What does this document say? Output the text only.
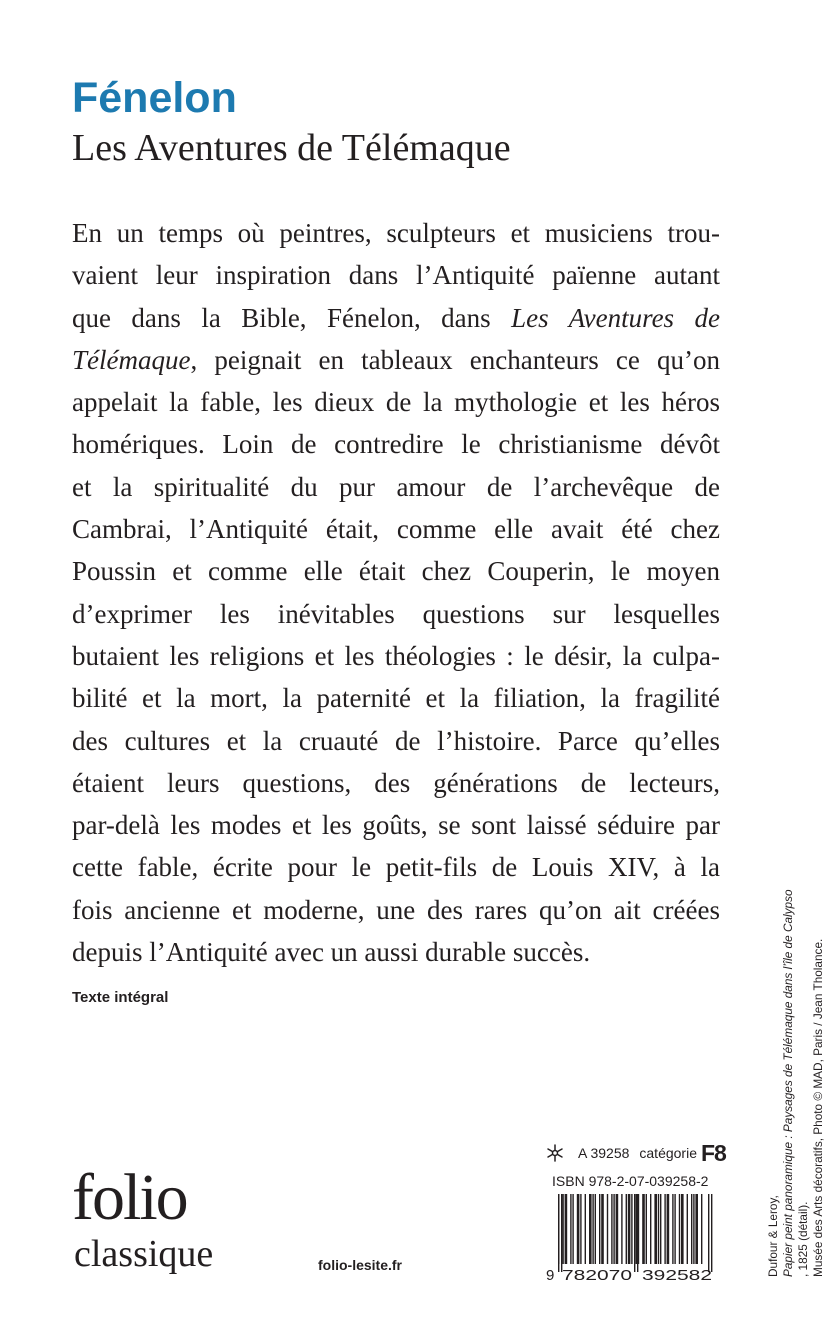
Fénelon
Les Aventures de Télémaque

En un temps où peintres, sculpteurs et musiciens trou-
vaient leur inspiration dans l’Antiquité païenne autant
que dans la Bible, Fénelon, dans Les Aventures de
Télémaque, peignait en tableaux enchanteurs ce qu’on
appelait la fable, les dieux de la mythologie et les héros
homériques. Loin de contredire le christianisme dévôt
et la spiritualité du pur amour de l’archevêque de
Cambrai, l’Antiquité était, comme elle avait été chez
Poussin et comme elle était chez Couperin, le moyen
d’exprimer les inévitables questions sur lesquelles
butaient les religions et les théologies : le désir, la culpa-
bilité et la mort, la paternité et la filiation, la fragilité
des cultures et la cruauté de l’histoire. Parce qu’elles
étaient leurs questions, des générations de lecteurs,
par-delà les modes et les goûts, se sont laissé séduire par
cette fable, écrite pour le petit-fils de Louis XIV, à la
fois ancienne et moderne, une des rares qu’on ait créées
depuis l’Antiquité avec un aussi durable succès.

Texte intégral

folio

classique	folio-lesite.fr

A 39258 catégorie F8

ISBN 978-2-07-039258-2

9 782070 392582	Dufour & Leroy, Papier peint panoramique : Paysages de Télémaque dans l’île de Calypso , 1825 (détail). Musée des Arts décoratifs, Photo © MAD, Paris / Jean Tholance.
